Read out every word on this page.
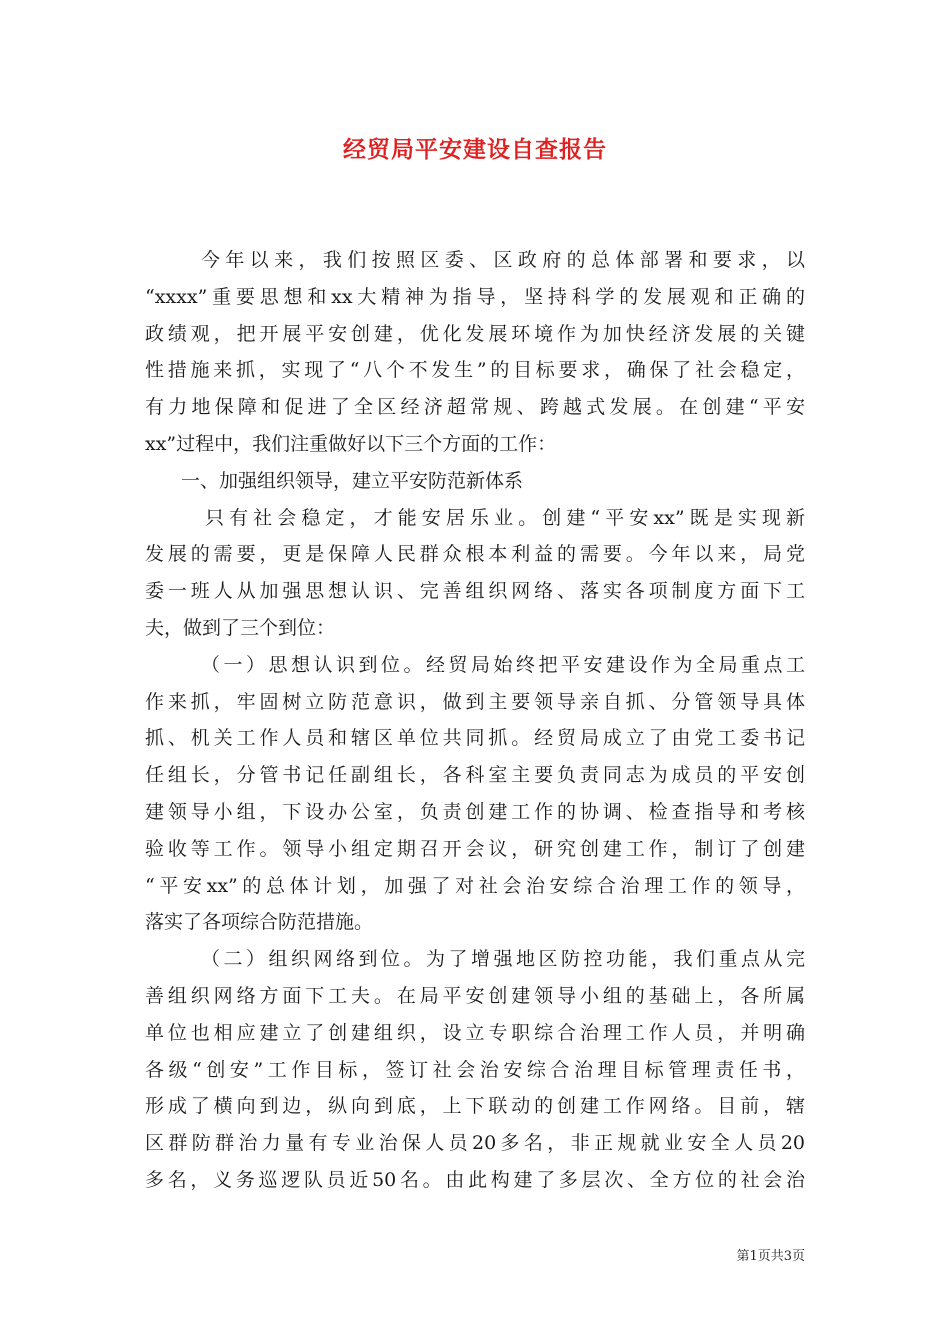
经贸局平安建设自查报告
今年以来，我们按照区委、区政府的总体部署和要求，以
“xxxx”重要思想和xx大精神为指导，坚持科学的发展观和正确的
政绩观，把开展平安创建，优化发展环境作为加快经济发展的关键
性措施来抓，实现了“八个不发生”的目标要求，确保了社会稳定，
有力地保障和促进了全区经济超常规、跨越式发展。在创建“平安
xx”过程中，我们注重做好以下三个方面的工作：
一、加强组织领导，建立平安防范新体系
只有社会稳定，才能安居乐业。创建“平安xx”既是实现新
发展的需要，更是保障人民群众根本利益的需要。今年以来，局党
委一班人从加强思想认识、完善组织网络、落实各项制度方面下工
夫，做到了三个到位：
（一）思想认识到位。经贸局始终把平安建设作为全局重点工
作来抓，牢固树立防范意识，做到主要领导亲自抓、分管领导具体
抓、机关工作人员和辖区单位共同抓。经贸局成立了由党工委书记
任组长，分管书记任副组长，各科室主要负责同志为成员的平安创
建领导小组，下设办公室，负责创建工作的协调、检查指导和考核
验收等工作。领导小组定期召开会议，研究创建工作，制订了创建
“平安xx”的总体计划，加强了对社会治安综合治理工作的领导，
落实了各项综合防范措施。
（二）组织网络到位。为了增强地区防控功能，我们重点从完
善组织网络方面下工夫。在局平安创建领导小组的基础上，各所属
单位也相应建立了创建组织，设立专职综合治理工作人员，并明确
各级“创安”工作目标，签订社会治安综合治理目标管理责任书，
形成了横向到边，纵向到底，上下联动的创建工作网络。目前，辖
区群防群治力量有专业治保人员20多名，非正规就业安全人员20
多名，义务巡逻队员近50名。由此构建了多层次、全方位的社会治
第1页共3页
